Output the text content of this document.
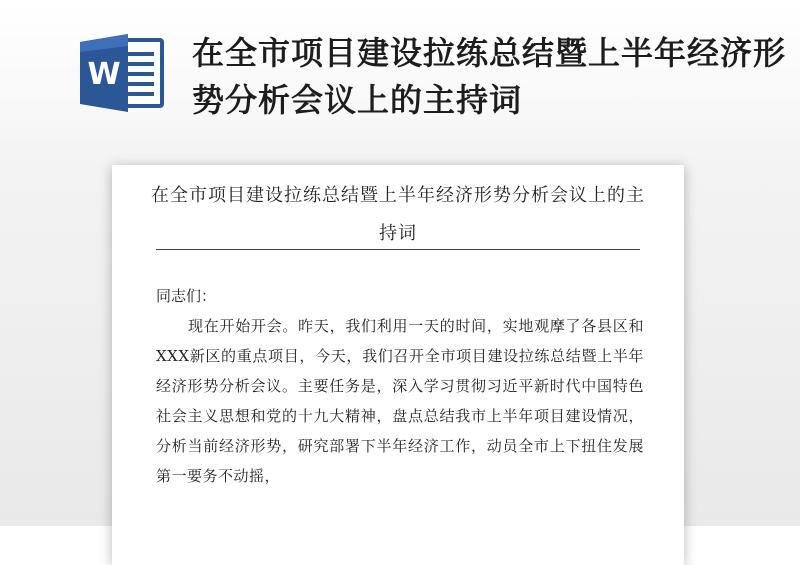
W
在全市项目建设拉练总结暨上半年经济形势分析会议上的主持词
在全市项目建设拉练总结暨上半年经济形势分析会议上的主持词
同志们：

现在开始开会。昨天，我们利用一天的时间，实地观摩了各县区和XXX新区的重点项目，今天，我们召开全市项目建设拉练总结暨上半年经济形势分析会议。主要任务是，深入学习贯彻习近平新时代中国特色社会主义思想和党的十九大精神，盘点总结我市上半年项目建设情况，分析当前经济形势，研究部署下半年经济工作，动员全市上下扭住发展第一要务不动摇，
